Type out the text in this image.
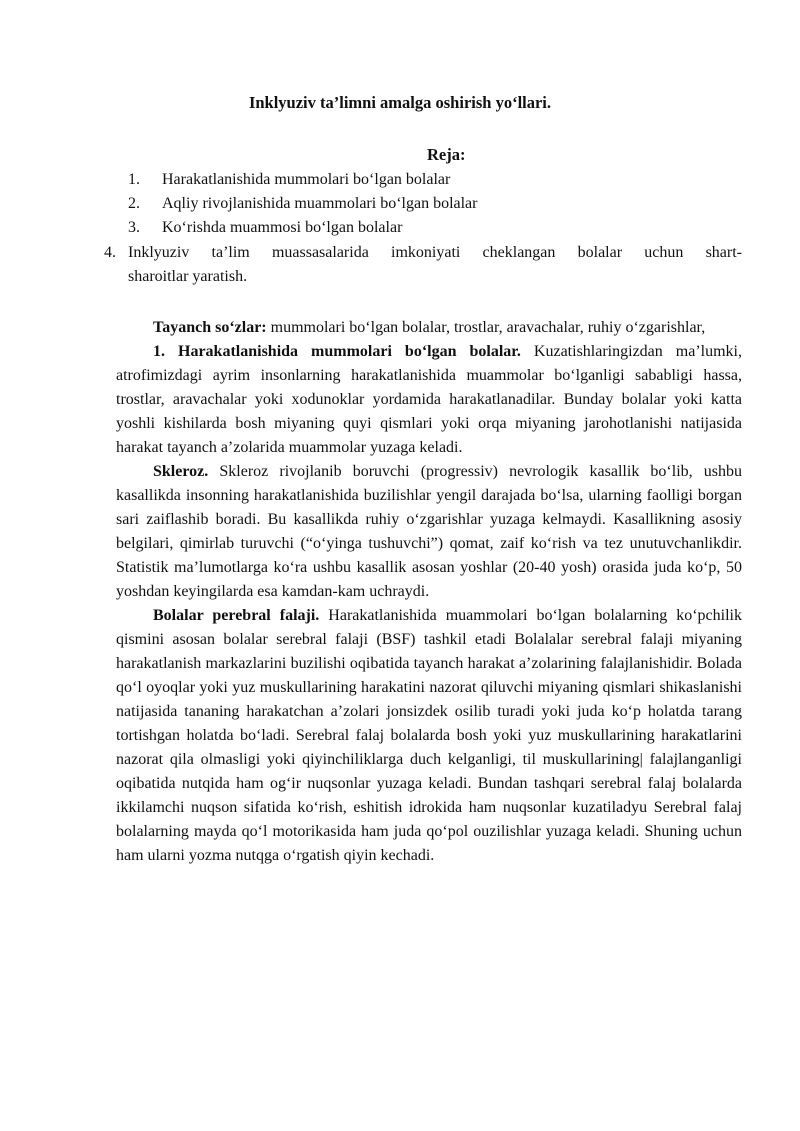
Inklyuziv ta’limni amalga oshirish yo‘llari.
Reja:
1. Harakatlanishida mummolari bo‘lgan bolalar
2. Aqliy rivojlanishida muammolari bo‘lgan bolalar
3. Ko‘rishda muammosi bo‘lgan bolalar
4. Inklyuziv ta’lim muassasalarida imkoniyati cheklangan bolalar uchun shart-
sharoitlar yaratish.

Tayanch so‘zlar: mummolari bo‘lgan bolalar, trostlar, aravachalar, ruhiy o‘zgarishlar,

1. Harakatlanishida mummolari bo‘lgan bolalar. Kuzatishlaringizdan ma’lumki, atrofimizdagi ayrim insonlarning harakatlanishida muammolar bo‘lganligi sababligi hassa, trostlar, aravachalar yoki xodunoklar yordamida harakatlanadilar. Bunday bolalar yoki katta yoshli kishilarda bosh miyaning quyi qismlari yoki orqa miyaning jarohotlanishi natijasida harakat tayanch a’zolarida muammolar yuzaga keladi.

Skleroz. Skleroz rivojlanib boruvchi (progressiv) nevrologik kasallik bo‘lib, ushbu kasallikda insonning harakatlanishida buzilishlar yengil darajada bo‘lsa, ularning faolligi borgan sari zaiflashib boradi. Bu kasallikda ruhiy o‘zgarishlar yuzaga kelmaydi. Kasallikning asosiy belgilari, qimirlab turuvchi (“o‘yinga tushuvchi”) qomat, zaif ko‘rish va tez unutuvchanlikdir. Statistik ma’lumotlarga ko‘ra ushbu kasallik asosan yoshlar (20-40 yosh) orasida juda ko‘p, 50 yoshdan keyingilarda esa kamdan-kam uchraydi.

Bolalar perebral falaji. Harakatlanishida muammolari bo‘lgan bolalarning ko‘pchilik qismini asosan bolalar serebral falaji (BSF) tashkil etadi Bolalalar serebral falaji miyaning harakatlanish markazlarini buzilishi oqibatida tayanch harakat a’zolarining falajlanishidir. Bolada qo‘l oyoqlar yoki yuz muskullarining harakatini nazorat qiluvchi miyaning qismlari shikaslanishi natijasida tananing harakatchan a’zolari jonsizdek osilib turadi yoki juda ko‘p holatda tarang tortishgan holatda bo‘ladi. Serebral falaj bolalarda bosh yoki yuz muskullarining harakatlarini nazorat qila olmasligi yoki qiyinchiliklarga duch kelganligi, til muskullarining| falajlanganligi oqibatida nutqida ham og‘ir nuqsonlar yuzaga keladi. Bundan tashqari serebral falaj bolalarda ikkilamchi nuqson sifatida ko‘rish, eshitish idrokida ham nuqsonlar kuzatiladyu Serebral falaj bolalarning mayda qo‘l motorikasida ham juda qo‘pol ouzilishlar yuzaga keladi. Shuning uchun ham ularni yozma nutqga o‘rgatish qiyin kechadi.
